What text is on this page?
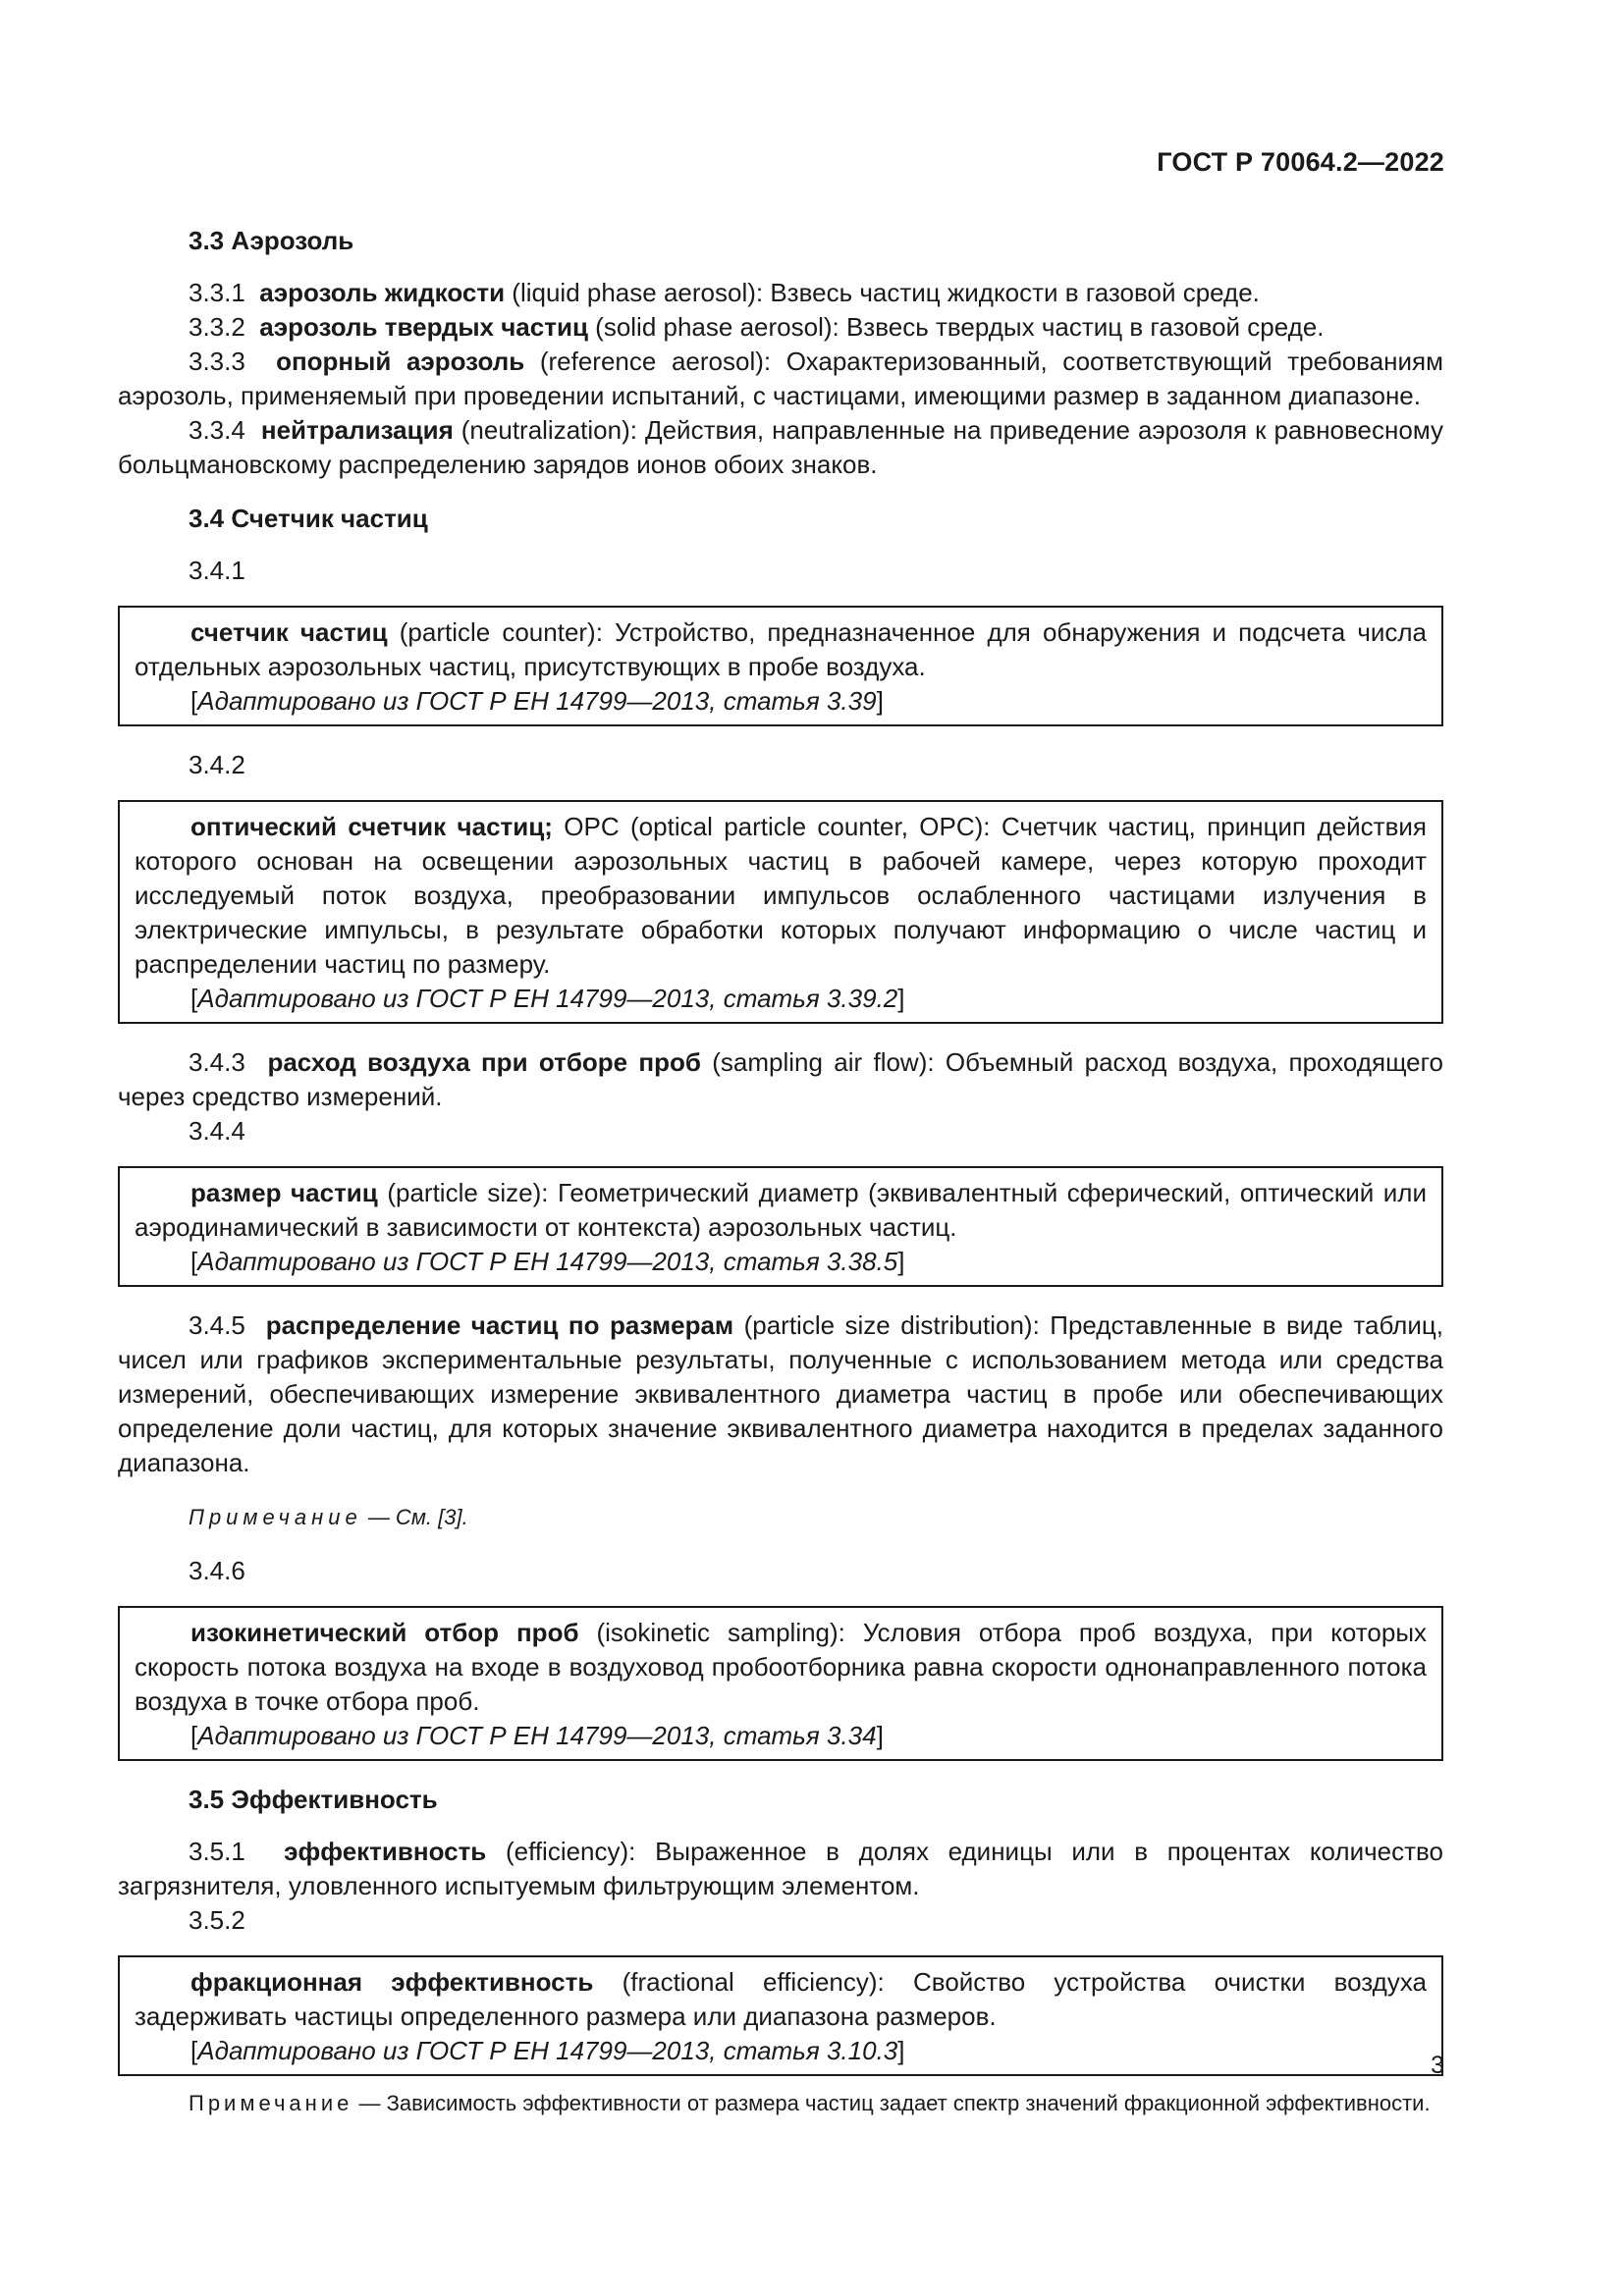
ГОСТ Р 70064.2—2022
3.3 Аэрозоль

3.3.1 аэрозоль жидкости (liquid phase aerosol): Взвесь частиц жидкости в газовой среде.

3.3.2 аэрозоль твердых частиц (solid phase aerosol): Взвесь твердых частиц в газовой среде.

3.3.3 опорный аэрозоль (reference aerosol): Охарактеризованный, соответствующий требованиям аэрозоль, применяемый при проведении испытаний, с частицами, имеющими размер в заданном диапазоне.

3.3.4 нейтрализация (neutralization): Действия, направленные на приведение аэрозоля к равновесному больцмановскому распределению зарядов ионов обоих знаков.

3.4 Счетчик частиц
3.4.1

счетчик частиц (particle counter): Устройство, предназначенное для обнаружения и подсчета числа отдельных аэрозольных частиц, присутствующих в пробе воздуха.

[Адаптировано из ГОСТ Р ЕН 14799—2013, статья 3.39]
3.4.2

оптический счетчик частиц; OPC (optical particle counter, OPC): Счетчик частиц, принцип действия которого основан на освещении аэрозольных частиц в рабочей камере, через которую проходит исследуемый поток воздуха, преобразовании импульсов ослабленного частицами излучения в электрические импульсы, в результате обработки которых получают информацию о числе частиц и распределении частиц по размеру.

[Адаптировано из ГОСТ Р ЕН 14799—2013, статья 3.39.2]

3.4.3 расход воздуха при отборе проб (sampling air flow): Объемный расход воздуха, проходящего через средство измерений.

3.4.4

размер частиц (particle size): Геометрический диаметр (эквивалентный сферический, оптический или аэродинамический в зависимости от контекста) аэрозольных частиц.

[Адаптировано из ГОСТ Р ЕН 14799—2013, статья 3.38.5]

3.4.5 распределение частиц по размерам (particle size distribution): Представленные в виде таблиц, чисел или графиков экспериментальные результаты, полученные с использованием метода или средства измерений, обеспечивающих измерение эквивалентного диаметра частиц в пробе или обеспечивающих определение доли частиц, для которых значение эквивалентного диаметра находится в пределах заданного диапазона.

Примечание — См. [3].
3.4.6

изокинетический отбор проб (isokinetic sampling): Условия отбора проб воздуха, при которых скорость потока воздуха на входе в воздуховод пробоотборника равна скорости однонаправленного потока воздуха в точке отбора проб.

[Адаптировано из ГОСТ Р ЕН 14799—2013, статья 3.34]
3.5 Эффективность

3.5.1 эффективность (efficiency): Выраженное в долях единицы или в процентах количество загрязнителя, уловленного испытуемым фильтрующим элементом.

3.5.2

фракционная эффективность (fractional efficiency): Свойство устройства очистки воздуха задерживать частицы определенного размера или диапазона размеров.

[Адаптировано из ГОСТ Р ЕН 14799—2013, статья 3.10.3]

Примечание — Зависимость эффективности от размера частиц задает спектр значений фракционной эффективности.

3
